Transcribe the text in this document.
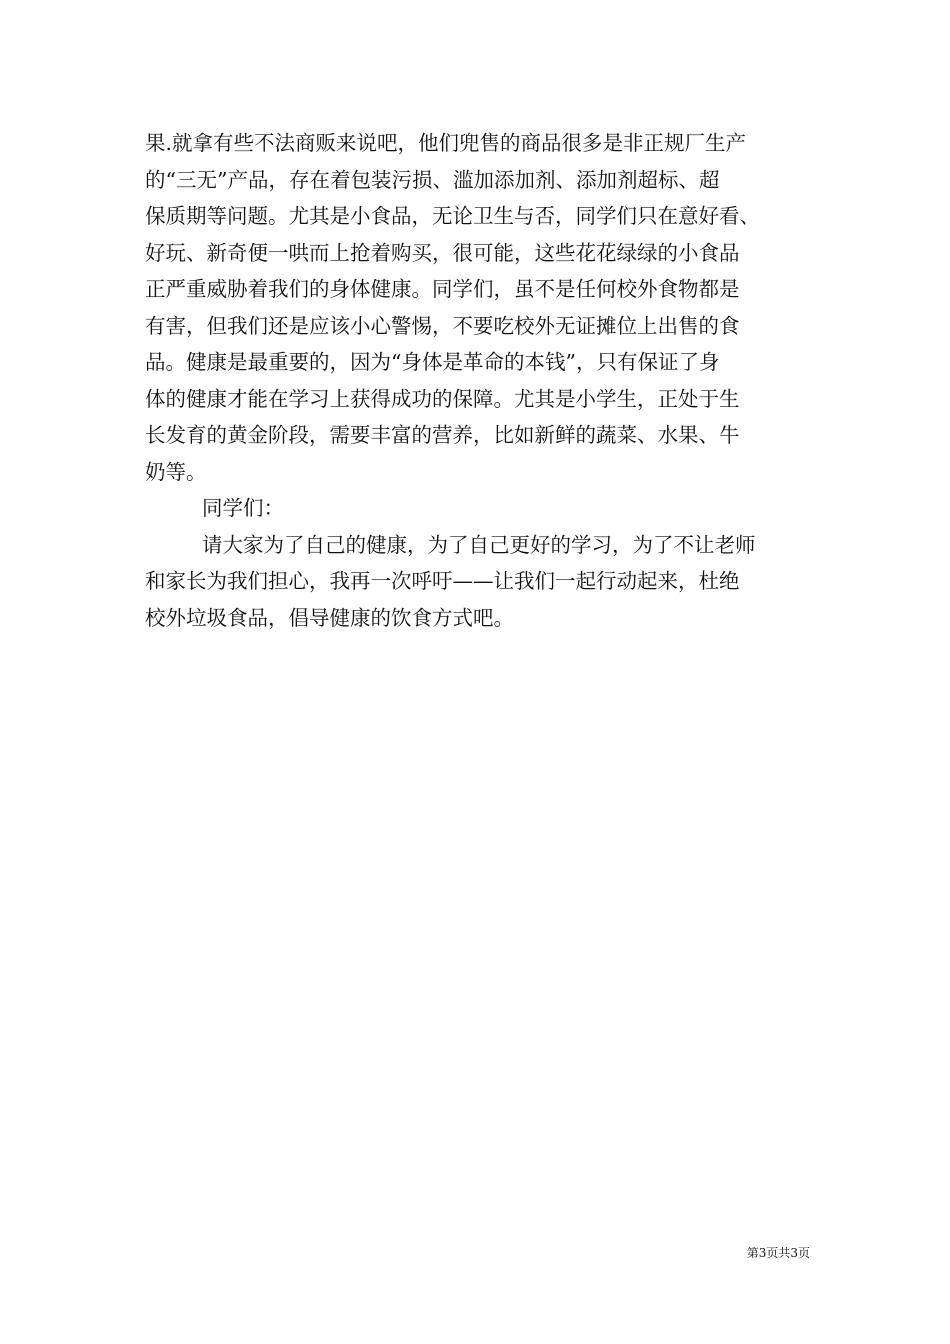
果.就拿有些不法商贩来说吧，他们兜售的商品很多是非正规厂生产
的“三无”产品，存在着包装污损、滥加添加剂、添加剂超标、超
保质期等问题。尤其是小食品，无论卫生与否，同学们只在意好看、
好玩、新奇便一哄而上抢着购买，很可能，这些花花绿绿的小食品
正严重威胁着我们的身体健康。同学们，虽不是任何校外食物都是
有害，但我们还是应该小心警惕，不要吃校外无证摊位上出售的食
品。健康是最重要的，因为“身体是革命的本钱”，只有保证了身
体的健康才能在学习上获得成功的保障。尤其是小学生，正处于生
长发育的黄金阶段，需要丰富的营养，比如新鲜的蔬菜、水果、牛
奶等。
同学们：
请大家为了自己的健康，为了自己更好的学习，为了不让老师
和家长为我们担心，我再一次呼吁——让我们一起行动起来，杜绝
校外垃圾食品，倡导健康的饮食方式吧。
第3页共3页
